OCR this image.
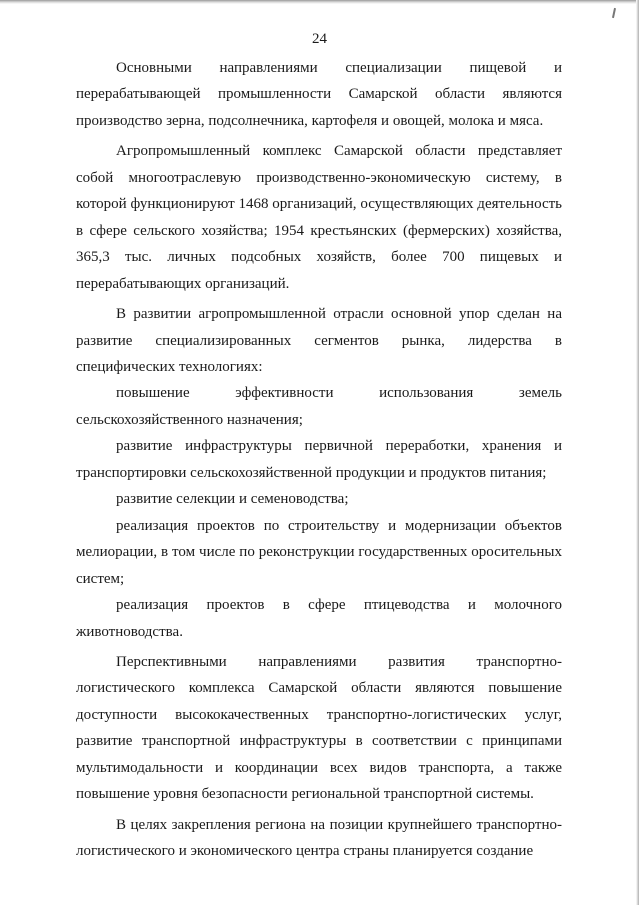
24

Основными направлениями специализации пищевой и перерабатывающей промышленности Самарской области являются производство зерна, подсолнечника, картофеля и овощей, молока и мяса.

Агропромышленный комплекс Самарской области представляет собой многоотраслевую производственно-экономическую систему, в которой функционируют 1468 организаций, осуществляющих деятельность в сфере сельского хозяйства; 1954 крестьянских (фермерских) хозяйства, 365,3 тыс. личных подсобных хозяйств, более 700 пищевых и перерабатывающих организаций.

В развитии агропромышленной отрасли основной упор сделан на развитие специализированных сегментов рынка, лидерства в специфических технологиях:

повышение эффективности использования земель сельскохозяйственного назначения;

развитие инфраструктуры первичной переработки, хранения и транспортировки сельскохозяйственной продукции и продуктов питания;

развитие селекции и семеноводства;

реализация проектов по строительству и модернизации объектов мелиорации, в том числе по реконструкции государственных оросительных систем;

реализация проектов в сфере птицеводства и молочного животноводства.

Перспективными направлениями развития транспортно-логистического комплекса Самарской области являются повышение доступности высококачественных транспортно-логистических услуг, развитие транспортной инфраструктуры в соответствии с принципами мультимодальности и координации всех видов транспорта, а также повышение уровня безопасности региональной транспортной системы.

В целях закрепления региона на позиции крупнейшего транспортно-логистического и экономического центра страны планируется создание
